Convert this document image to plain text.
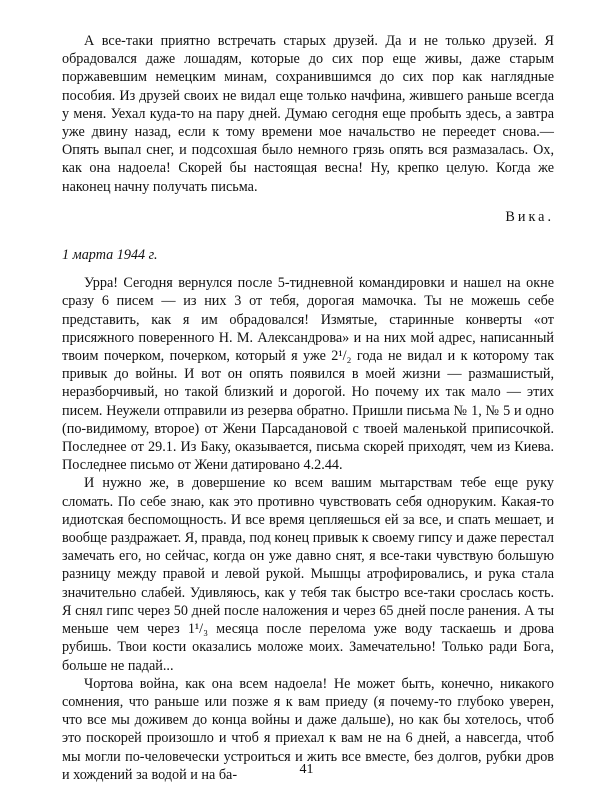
А все-таки приятно встречать старых друзей. Да и не только друзей. Я обрадовался даже лошадям, которые до сих пор еще живы, даже старым поржавевшим немецким минам, сохранившимся до сих пор как наглядные пособия. Из друзей своих не видал еще только начфина, жившего раньше всегда у меня. Уехал куда-то на пару дней. Думаю сегодня еще пробыть здесь, а завтра уже двину назад, если к тому времени мое начальство не переедет снова.— Опять выпал снег, и подсохшая было немного грязь опять вся размазалась. Ох, как она надоела! Скорей бы настоящая весна! Ну, крепко целую. Когда же наконец начну получать письма.

Вика.
1 марта 1944 г.

Урра! Сегодня вернулся после 5-тидневной командировки и нашел на окне сразу 6 писем — из них 3 от тебя, дорогая мамочка. Ты не можешь себе представить, как я им обрадовался! Измятые, старинные конверты «от присяжного поверенного Н. М. Александрова» и на них мой адрес, написанный твоим почерком, почерком, который я уже 2¹/₂ года не видал и к которому так привык до войны. И вот он опять появился в моей жизни — размашистый, неразборчивый, но такой близкий и дорогой. Но почему их так мало — этих писем. Неужели отправили из резерва обратно. Пришли письма № 1, № 5 и одно (по-видимому, второе) от Жени Парсадановой с твоей маленькой приписочкой. Последнее от 29.1. Из Баку, оказывается, письма скорей приходят, чем из Киева. Последнее письмо от Жени датировано 4.2.44.

И нужно же, в довершение ко всем вашим мытарствам тебе еще руку сломать. По себе знаю, как это противно чувствовать себя одноруким. Какая-то идиотская беспомощность. И все время цепляешься ей за все, и спать мешает, и вообще раздражает. Я, правда, под конец привык к своему гипсу и даже перестал замечать его, но сейчас, когда он уже давно снят, я все-таки чувствую большую разницу между правой и левой рукой. Мышцы атрофировались, и рука стала значительно слабей. Удивляюсь, как у тебя так быстро все-таки срослась кость. Я снял гипс через 50 дней после наложения и через 65 дней после ранения. А ты меньше чем через 1¹/₃ месяца после перелома уже воду таскаешь и дрова рубишь. Твои кости оказались моложе моих. Замечательно! Только ради Бога, больше не падай...

Чортова война, как она всем надоела! Не может быть, конечно, никакого сомнения, что раньше или позже я к вам приеду (я почему-то глубоко уверен, что все мы доживем до конца войны и даже дальше), но как бы хотелось, чтоб это поскорей произошло и чтоб я приехал к вам не на 6 дней, а навсегда, чтоб мы могли по-человечески устроиться и жить все вместе, без долгов, рубки дров и хождений за водой и на ба-	41
